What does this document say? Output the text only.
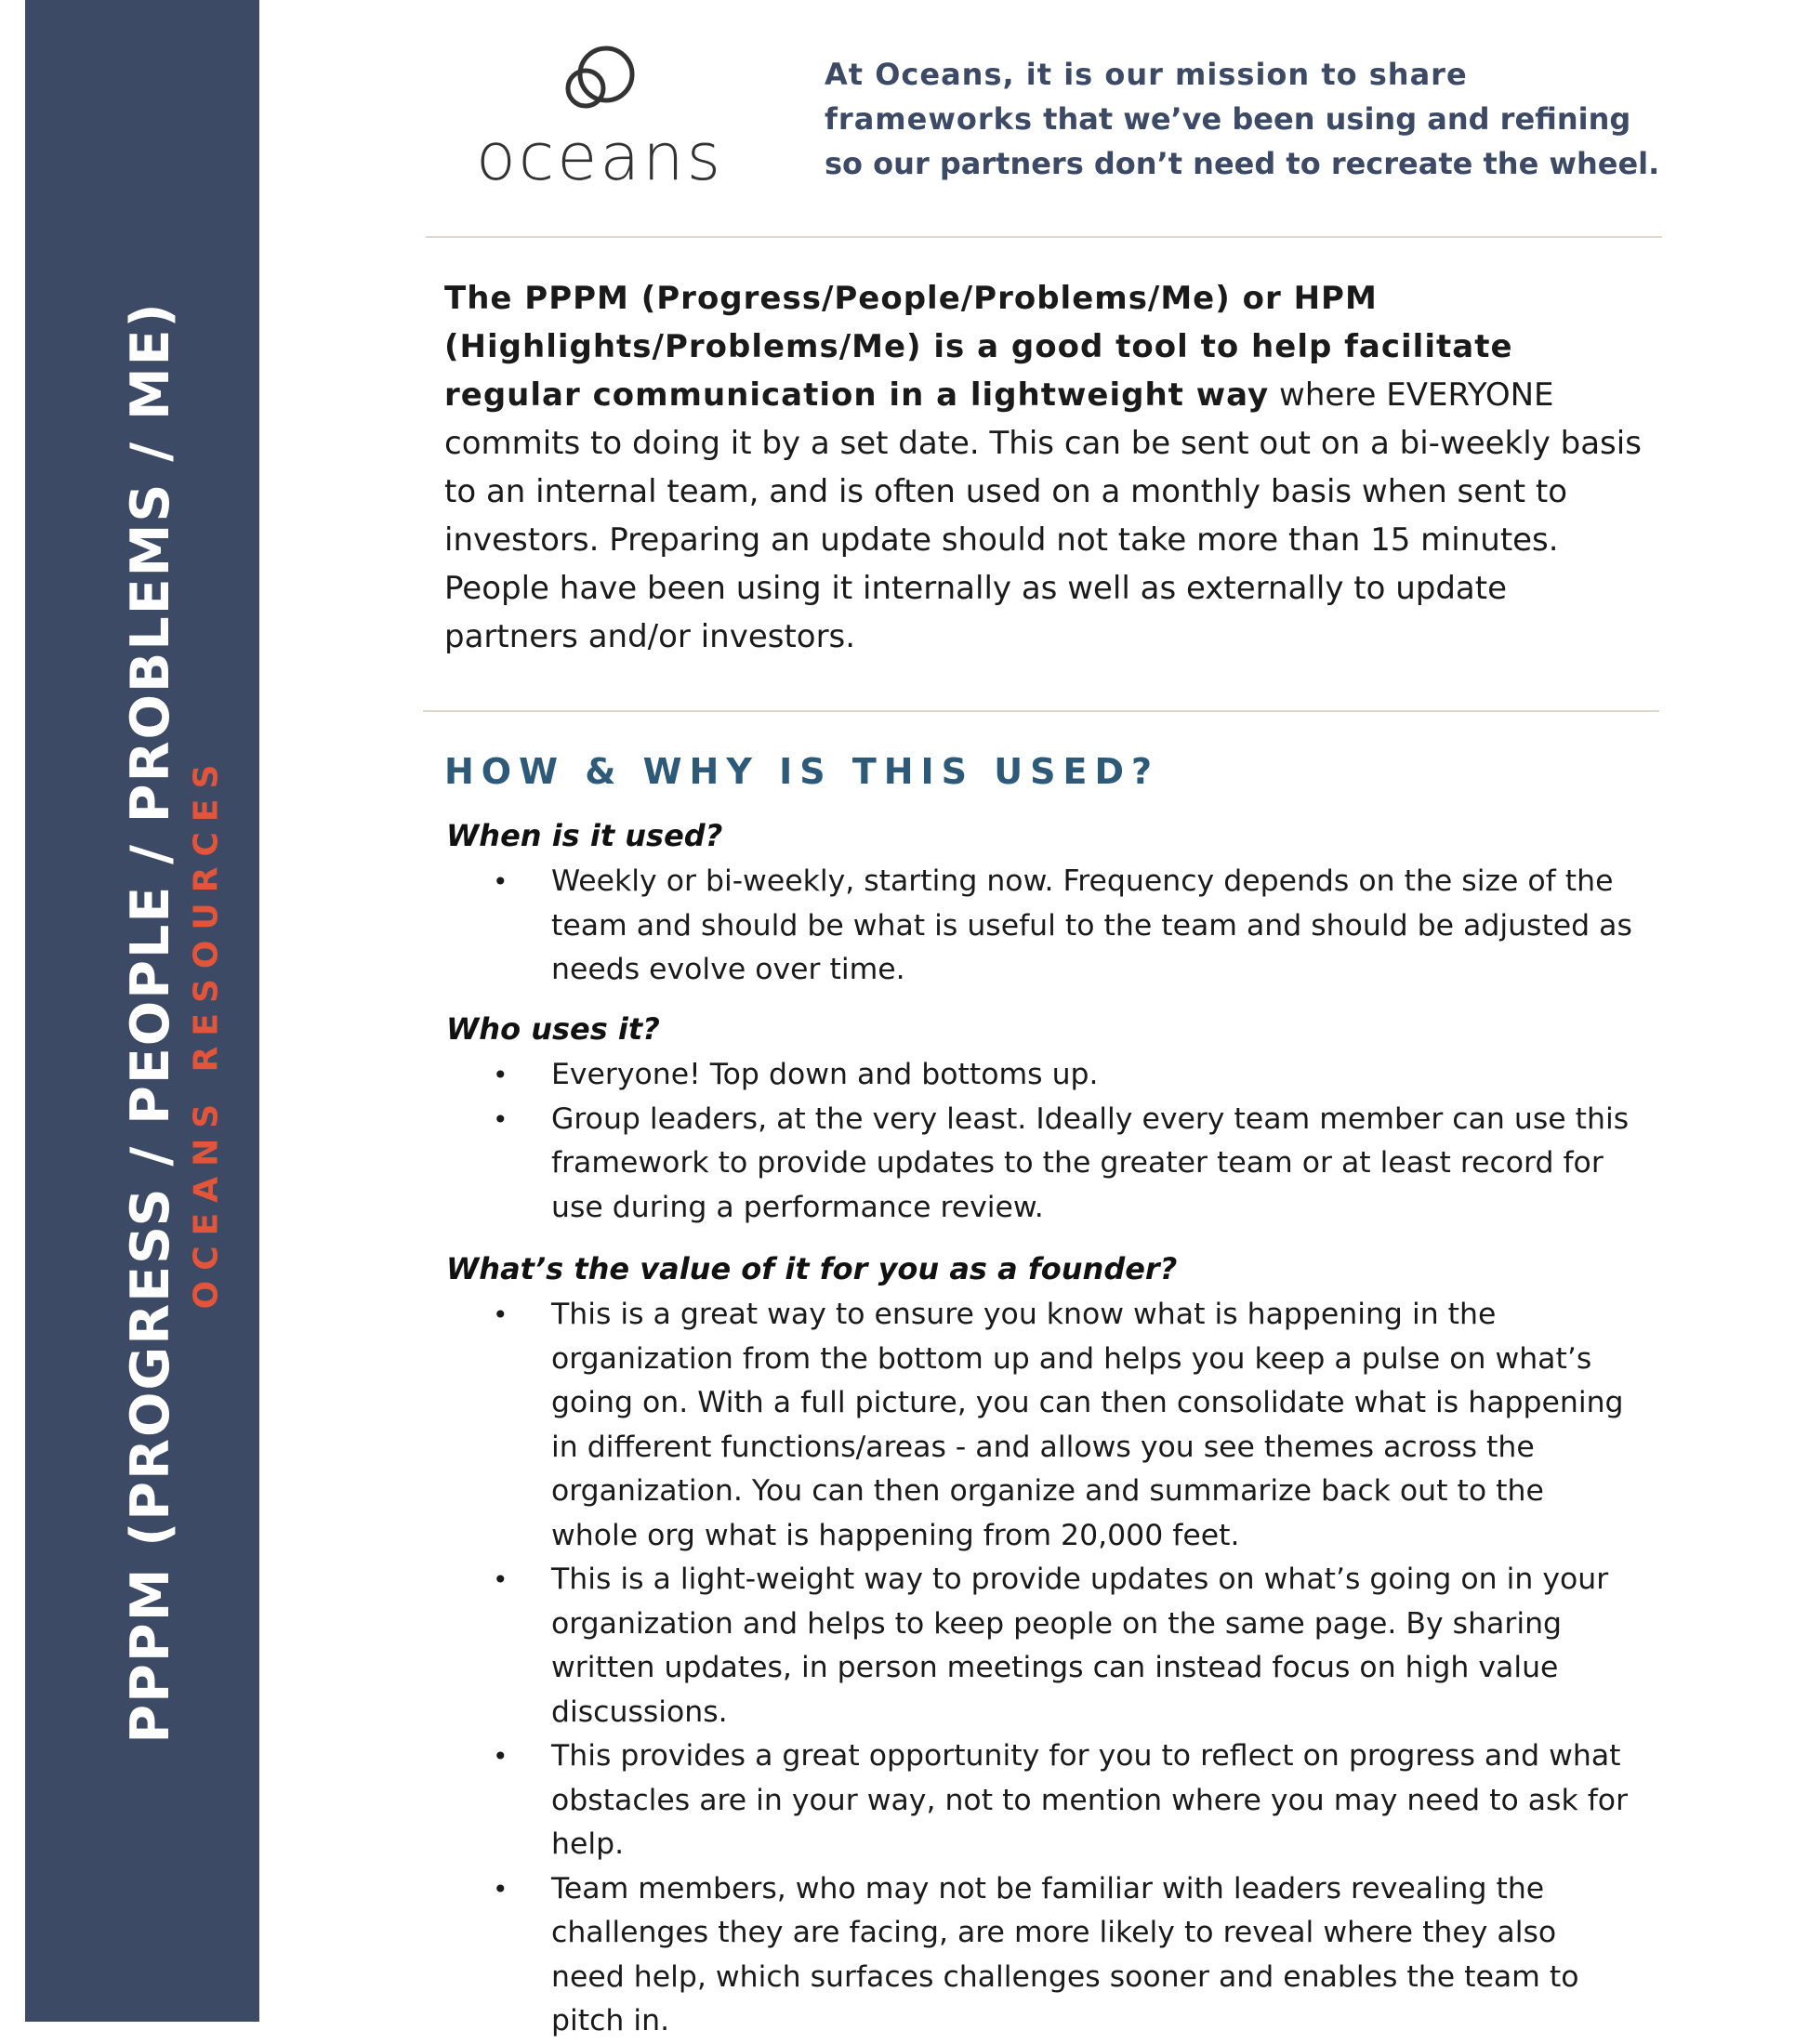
PPPM (PROGRESS / PEOPLE / PROBLEMS / ME) OCEANS RESOURCES
oceans
At Oceans, it is our mission to share frameworks that we’ve been using and refining so our partners don’t need to recreate the wheel.
The PPPM (Progress/People/Problems/Me) or HPM (Highlights/Problems/Me) is a good tool to help facilitate regular communication in a lightweight way where EVERYONE commits to doing it by a set date. This can be sent out on a bi-weekly basis to an internal team, and is often used on a monthly basis when sent to investors. Preparing an update should not take more than 15 minutes. People have been using it internally as well as externally to update partners and/or investors.
HOW & WHY IS THIS USED?
When is it used?
• Weekly or bi-weekly, starting now. Frequency depends on the size of the team and should be what is useful to the team and should be adjusted as needs evolve over time.
Who uses it?
• Everyone! Top down and bottoms up.
• Group leaders, at the very least. Ideally every team member can use this framework to provide updates to the greater team or at least record for use during a performance review.
What’s the value of it for you as a founder?
• This is a great way to ensure you know what is happening in the organization from the bottom up and helps you keep a pulse on what’s going on. With a full picture, you can then consolidate what is happening in different functions/areas - and allows you see themes across the organization. You can then organize and summarize back out to the whole org what is happening from 20,000 feet.
• This is a light-weight way to provide updates on what’s going on in your organization and helps to keep people on the same page. By sharing written updates, in person meetings can instead focus on high value discussions.
• This provides a great opportunity for you to reflect on progress and what obstacles are in your way, not to mention where you may need to ask for help.
• Team members, who may not be familiar with leaders revealing the challenges they are facing, are more likely to reveal where they also need help, which surfaces challenges sooner and enables the team to pitch in.
